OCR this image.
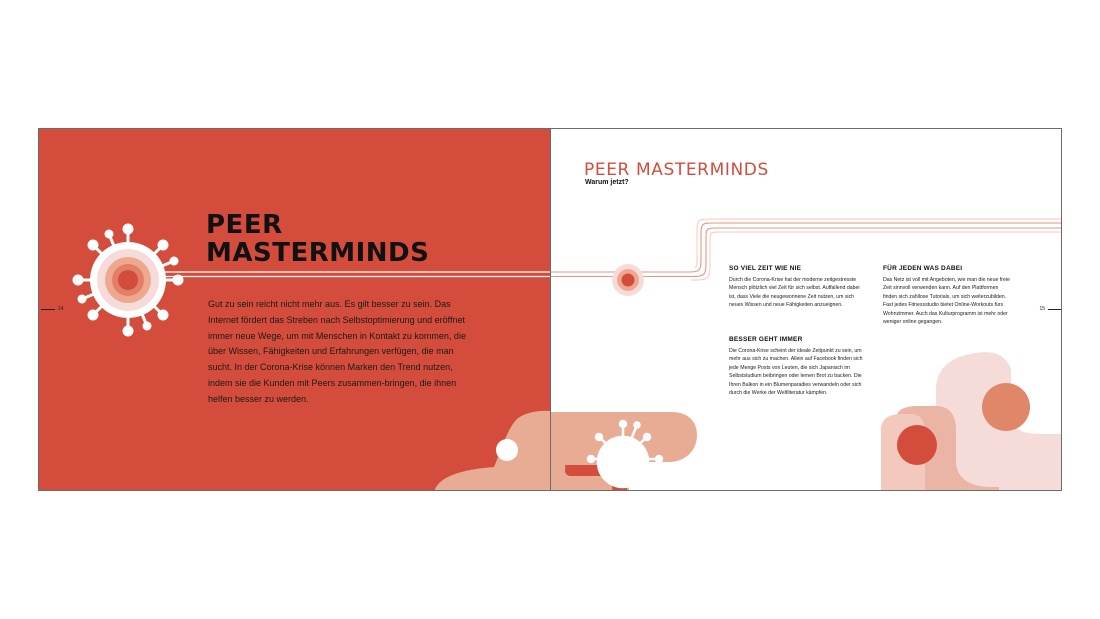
PEER
MASTERMINDS

Gut zu sein reicht nicht mehr aus. Es gilt besser zu sein. Das Internet fördert das Streben nach Selbstoptimierung und eröffnet immer neue Wege, um mit Menschen in Kontakt zu kommen, die über Wissen, Fähigkeiten und Erfahrungen verfügen, die man sucht. In der Corona-Krise können Marken den Trend nutzen, indem sie die Kunden mit Peers zusammen-bringen, die ihnen helfen besser zu werden.

14
PEER MASTERMINDS

Warum jetzt?

SO VIEL ZEIT WIE NIE

Durch die Corona-Krise hat der moderne zeitgestresste Mensch plötzlich viel Zeit für sich selbst. Auffallend dabei ist, dass Viele die neugewonnene Zeit nutzen, um sich neues Wissen und neue Fähigkeiten anzueignen.

BESSER GEHT IMMER

Die Corona-Krise scheint der ideale Zeitpunkt zu sein, um mehr aus sich zu machen. Allein auf Facebook finden sich jede Menge Posts von Leuten, die sich Japanisch im Selbststudium beibringen oder lernen Brot zu backen. Die Ihren Balkon in ein Blumenparadies verwandeln oder sich durch die Werke der Weltliteratur kämpfen.

FÜR JEDEN WAS DABEI

Das Netz ist voll mit Angeboten, wie man die neue freie Zeit sinnvoll verwenden kann. Auf den Plattformen finden sich zahllose Tutorials, um sich weiterzubilden. Fast jedes Fitnessstudio bietet Online-Workouts fürs Wohnzimmer. Auch das Kulturprogramm ist mehr oder weniger online gegangen.

15
